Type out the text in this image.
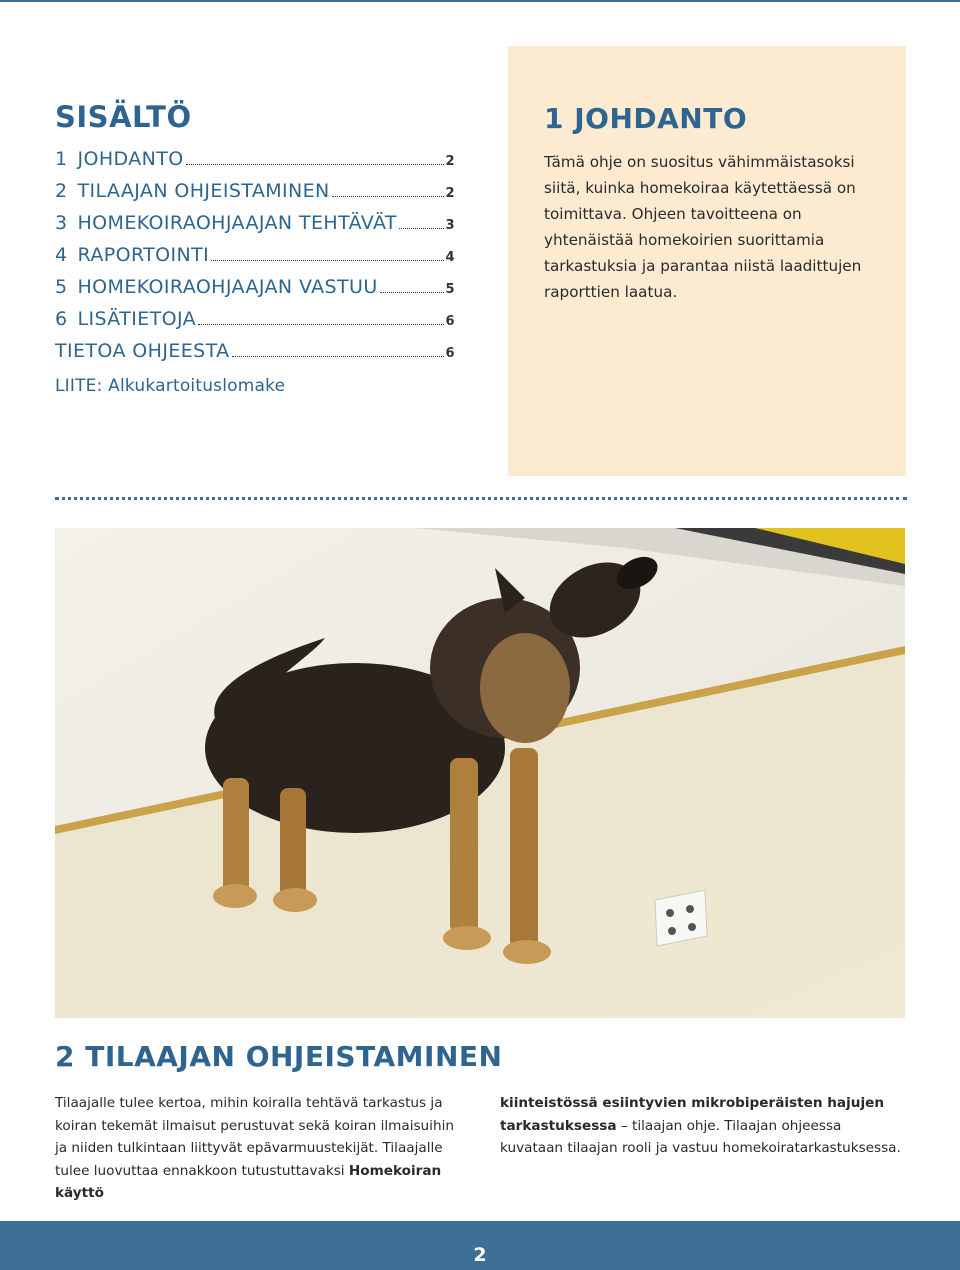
SISÄLTÖ
1 JOHDANTO	2
2 TILAAJAN OHJEISTAMINEN	2
3 HOMEKOIRAOHJAAJAN TEHTÄVÄT	3
4 RAPORTOINTI	4
5 HOMEKOIRAOHJAAJAN VASTUU	5
6 LISÄTIETOJA	6
TIETOA OHJEESTA	6
LIITE: Alkukartoituslomake
1 JOHDANTO

Tämä ohje on suositus vähimmäistasoksi siitä, kuinka homekoiraa käytettäessä on toimittava. Ohjeen tavoitteena on yhtenäistää homekoirien suorittamia tarkastuksia ja parantaa niistä laadittujen raporttien laatua.

2 TILAAJAN OHJEISTAMINEN

Tilaajalle tulee kertoa, mihin koiralla tehtävä tarkastus ja koiran tekemät ilmaisut perustuvat sekä koiran ilmaisuihin ja niiden tulkintaan liittyvät epävarmuustekijät. Tilaajalle tulee luovuttaa ennakkoon tutustuttavaksi Homekoiran käyttö

kiinteistössä esiintyvien mikrobiperäisten hajujen tarkastuksessa – tilaajan ohje. Tilaajan ohjeessa kuvataan tilaajan rooli ja vastuu homekoiratarkastuksessa.

2
